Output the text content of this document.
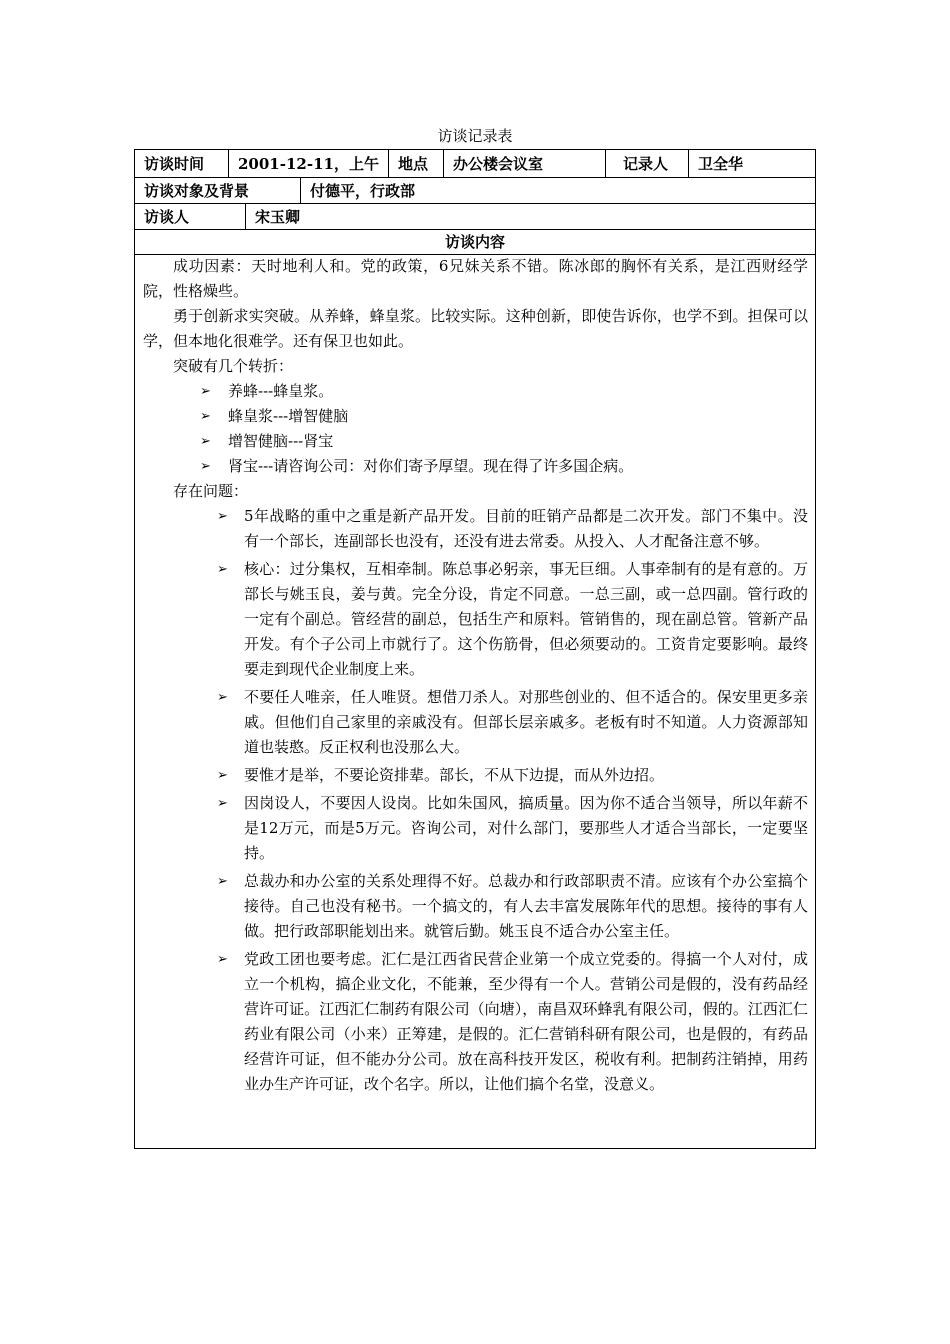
访谈记录表
访谈时间	2001-12-11，上午	地点	办公楼会议室	记录人	卫全华
访谈对象及背景	付德平，行政部
访谈人	宋玉卿
访谈内容

成功因素：天时地利人和。党的政策，6兄妹关系不错。陈冰郎的胸怀有关系，是江西财经学院，性格燥些。

勇于创新求实突破。从养蜂，蜂皇浆。比较实际。这种创新，即使告诉你，也学不到。担保可以学，但本地化很难学。还有保卫也如此。

突破有几个转折：

➢ 养蜂---蜂皇浆。
➢ 蜂皇浆---增智健脑
➢ 增智健脑---肾宝
➢ 肾宝---请咨询公司：对你们寄予厚望。现在得了许多国企病。

存在问题：

➢ 5年战略的重中之重是新产品开发。目前的旺销产品都是二次开发。部门不集中。没有一个部长，连副部长也没有，还没有进去常委。从投入、人才配备注意不够。
➢ 核心：过分集权，互相牵制。陈总事必躬亲，事无巨细。人事牵制有的是有意的。万部长与姚玉良，姜与黄。完全分设，肯定不同意。一总三副，或一总四副。管行政的一定有个副总。管经营的副总，包括生产和原料。管销售的，现在副总管。管新产品开发。有个子公司上市就行了。这个伤筋骨，但必须要动的。工资肯定要影响。最终要走到现代企业制度上来。
➢ 不要任人唯亲，任人唯贤。想借刀杀人。对那些创业的、但不适合的。保安里更多亲戚。但他们自己家里的亲戚没有。但部长层亲戚多。老板有时不知道。人力资源部知道也装憨。反正权利也没那么大。
➢ 要惟才是举，不要论资排辈。部长，不从下边提，而从外边招。
➢ 因岗设人，不要因人设岗。比如朱国风，搞质量。因为你不适合当领导，所以年薪不是12万元，而是5万元。咨询公司，对什么部门，要那些人才适合当部长，一定要坚持。
➢ 总裁办和办公室的关系处理得不好。总裁办和行政部职责不清。应该有个办公室搞个接待。自己也没有秘书。一个搞文的，有人去丰富发展陈年代的思想。接待的事有人做。把行政部职能划出来。就管后勤。姚玉良不适合办公室主任。
➢ 党政工团也要考虑。汇仁是江西省民营企业第一个成立党委的。得搞一个人对付，成立一个机构，搞企业文化，不能兼，至少得有一个人。营销公司是假的，没有药品经营许可证。江西汇仁制药有限公司（向塘），南昌双环蜂乳有限公司，假的。江西汇仁药业有限公司（小来）正筹建，是假的。汇仁营销科研有限公司，也是假的，有药品经营许可证，但不能办分公司。放在高科技开发区，税收有利。把制药注销掉，用药业办生产许可证，改个名字。所以，让他们搞个名堂，没意义。
